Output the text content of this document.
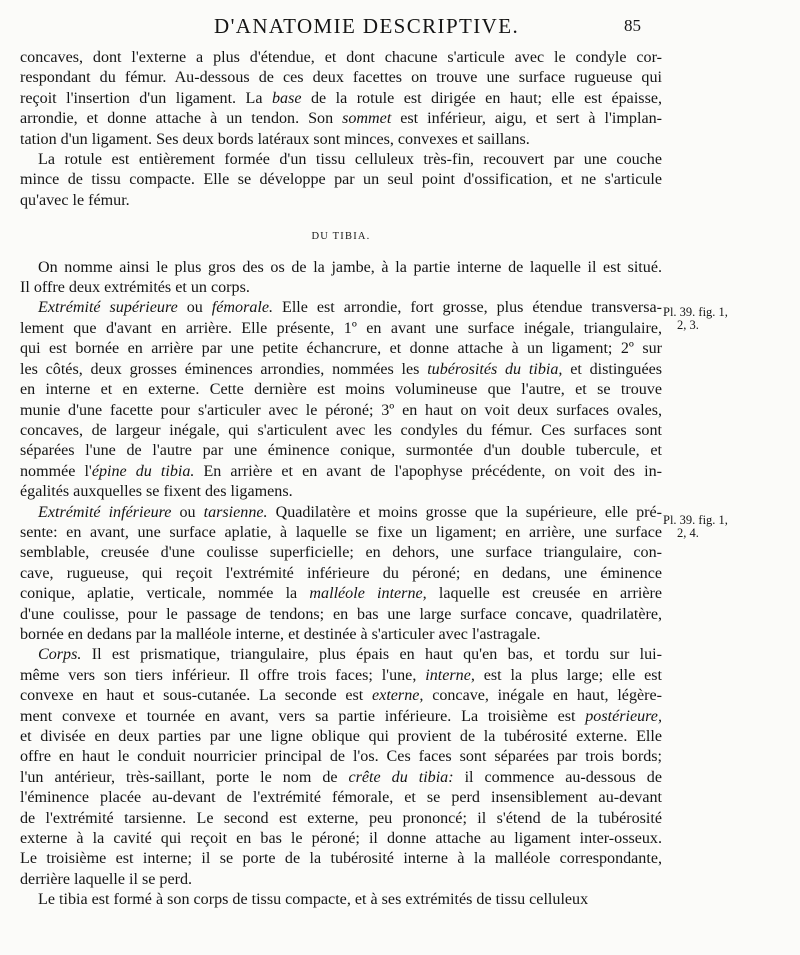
D'ANATOMIE DESCRIPTIVE.	85

concaves, dont l'externe a plus d'étendue, et dont chacune s'articule avec le condyle cor-

respondant du fémur. Au-dessous de ces deux facettes on trouve une surface rugueuse qui

reçoit l'insertion d'un ligament. La base de la rotule est dirigée en haut; elle est épaisse,

arrondie, et donne attache à un tendon. Son sommet est inférieur, aigu, et sert à l'implan-

tation d'un ligament. Ses deux bords latéraux sont minces, convexes et saillans.

La rotule est entièrement formée d'un tissu celluleux très-fin, recouvert par une couche

mince de tissu compacte. Elle se développe par un seul point d'ossification, et ne s'articule

qu'avec le fémur.

DU TIBIA.

On nomme ainsi le plus gros des os de la jambe, à la partie interne de laquelle il est situé.

Il offre deux extrémités et un corps.

Extrémité supérieure ou fémorale. Elle est arrondie, fort grosse, plus étendue transversa-

lement que d'avant en arrière. Elle présente, 1º en avant une surface inégale, triangulaire,

qui est bornée en arrière par une petite échancrure, et donne attache à un ligament; 2º sur

les côtés, deux grosses éminences arrondies, nommées les tubérosités du tibia, et distinguées

en interne et en externe. Cette dernière est moins volumineuse que l'autre, et se trouve

munie d'une facette pour s'articuler avec le péroné; 3º en haut on voit deux surfaces ovales,

concaves, de largeur inégale, qui s'articulent avec les condyles du fémur. Ces surfaces sont

séparées l'une de l'autre par une éminence conique, surmontée d'un double tubercule, et

nommée l'épine du tibia. En arrière et en avant de l'apophyse précédente, on voit des in-

égalités auxquelles se fixent des ligamens.

Extrémité inférieure ou tarsienne. Quadilatère et moins grosse que la supérieure, elle pré-

sente: en avant, une surface aplatie, à laquelle se fixe un ligament; en arrière, une surface

semblable, creusée d'une coulisse superficielle; en dehors, une surface triangulaire, con-

cave, rugueuse, qui reçoit l'extrémité inférieure du péroné; en dedans, une éminence

conique, aplatie, verticale, nommée la malléole interne, laquelle est creusée en arrière

d'une coulisse, pour le passage de tendons; en bas une large surface concave, quadrilatère,

bornée en dedans par la malléole interne, et destinée à s'articuler avec l'astragale.

Corps. Il est prismatique, triangulaire, plus épais en haut qu'en bas, et tordu sur lui-

même vers son tiers inférieur. Il offre trois faces; l'une, interne, est la plus large; elle est

convexe en haut et sous-cutanée. La seconde est externe, concave, inégale en haut, légère-

ment convexe et tournée en avant, vers sa partie inférieure. La troisième est postérieure,

et divisée en deux parties par une ligne oblique qui provient de la tubérosité externe. Elle

offre en haut le conduit nourricier principal de l'os. Ces faces sont séparées par trois bords;

l'un antérieur, très-saillant, porte le nom de crête du tibia: il commence au-dessous de

l'éminence placée au-devant de l'extrémité fémorale, et se perd insensiblement au-devant

de l'extrémité tarsienne. Le second est externe, peu prononcé; il s'étend de la tubérosité

externe à la cavité qui reçoit en bas le péroné; il donne attache au ligament inter-osseux.

Le troisième est interne; il se porte de la tubérosité interne à la malléole correspondante,

derrière laquelle il se perd.

Le tibia est formé à son corps de tissu compacte, et à ses extrémités de tissu celluleux

Pl. 39. fig. 1,
2, 3.
Pl. 39. fig. 1,
2, 4.
